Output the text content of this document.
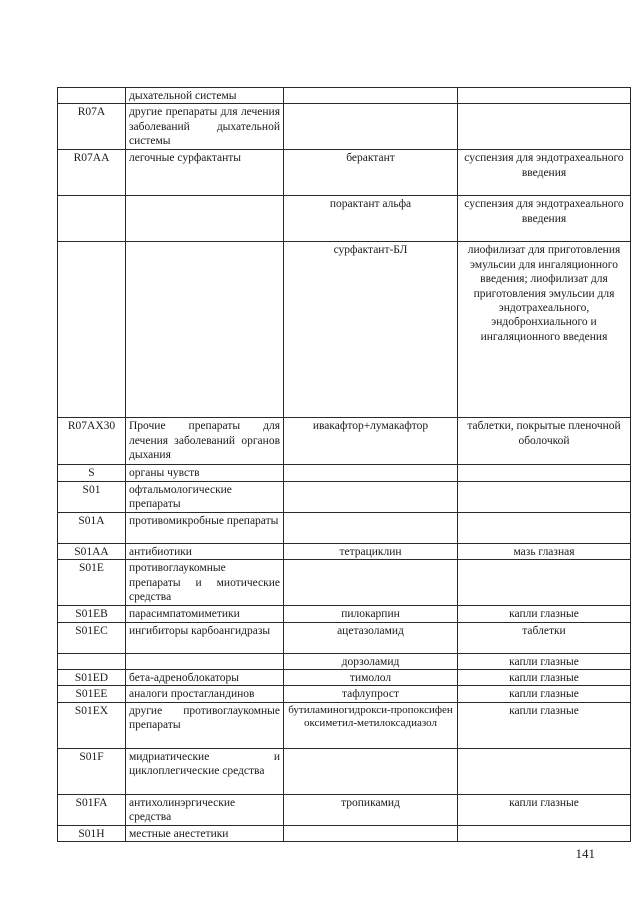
	дыхательной системы		
R07A	другие препараты для лечения заболеваний дыхательной системы		
R07AA	легочные сурфактанты	берактант	суспензия для эндотрахеального введения
		порактант альфа	суспензия для эндотрахеального введения
		сурфактант-БЛ	лиофилизат для приготовления эмульсии для ингаляционного введения; лиофилизат для приготовления эмульсии для эндотрахеального, эндобронхиального и ингаляционного введения
R07AX30	Прочие препараты для лечения заболеваний органов дыхания	ивакафтор+лумакафтор	таблетки, покрытые пленочной оболочкой
S	органы чувств		
S01	офтальмологические препараты		
S01A	противомикробные препараты		
S01AA	антибиотики	тетрациклин	мазь глазная
S01E	противоглаукомные препараты и миотические средства		
S01EB	парасимпатомиметики	пилокарпин	капли глазные
S01EC	ингибиторы карбоангидразы	ацетазоламид	таблетки
		дорзоламид	капли глазные
S01ED	бета-адреноблокаторы	тимолол	капли глазные
S01EE	аналоги простагландинов	тафлупрост	капли глазные
S01EX	другие противоглаукомные препараты	бутиламиногидрокси-пропоксифеноксиметил-метилоксадиазол	капли глазные
S01F	мидриатические и циклоплегические средства		
S01FA	антихолинэргические средства	тропикамид	капли глазные
S01H	местные анестетики		
141
